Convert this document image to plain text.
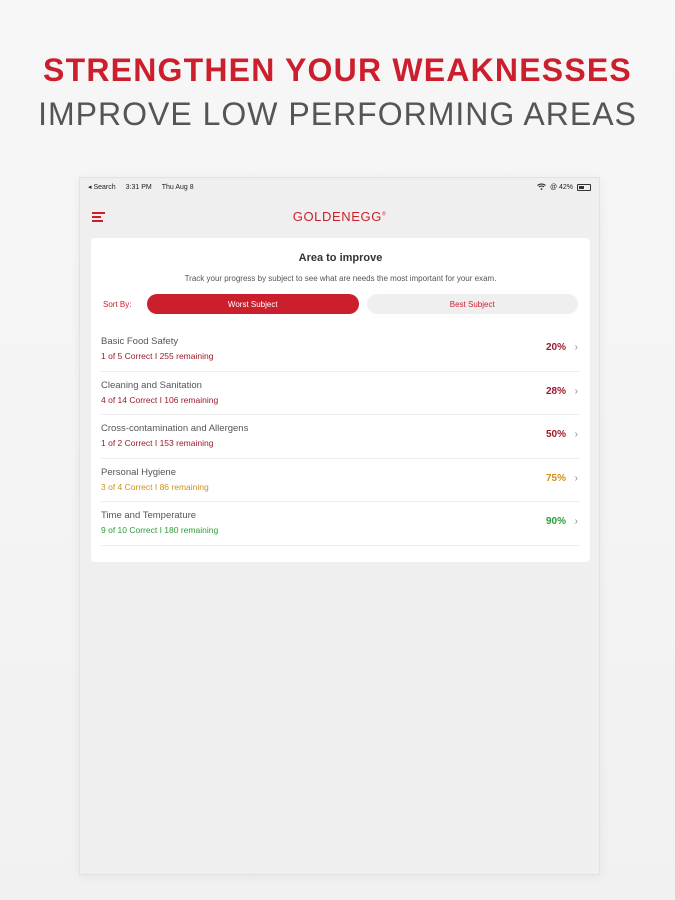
STRENGTHEN YOUR WEAKNESSES
IMPROVE LOW PERFORMING AREAS
◂ Search 3:31 PM Thu Aug 8	@ 42%
GOLDENEGG®
Area to improve
Track your progress by subject to see what are needs the most important for your exam.
Sort By:	Worst Subject	Best Subject
Basic Food Safety
1 of 5 Correct I 255 remaining
20% ›
Cleaning and Sanitation
4 of 14 Correct I 106 remaining
28% ›
Cross-contamination and Allergens
1 of 2 Correct I 153 remaining
50% ›
Personal Hygiene
3 of 4 Correct I 86 remaining
75% ›
Time and Temperature
9 of 10 Correct I 180 remaining
90% ›
